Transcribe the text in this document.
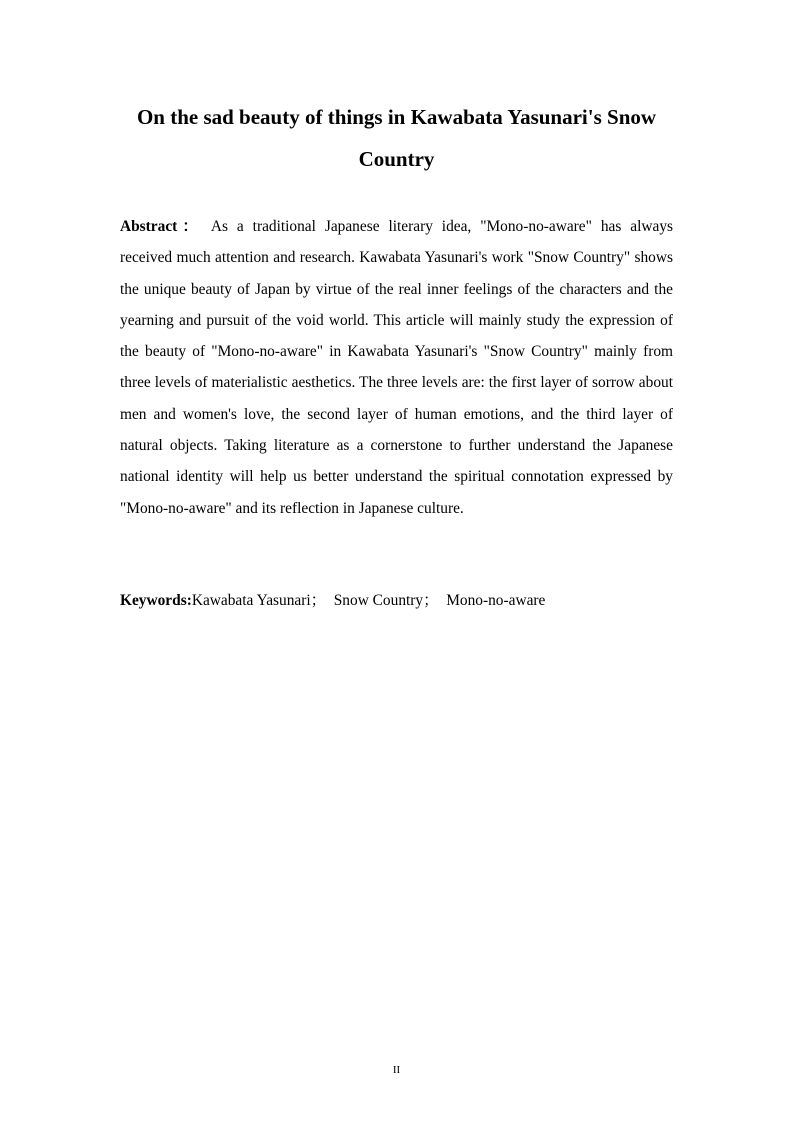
On the sad beauty of things in Kawabata Yasunari's Snow Country

Abstract： As a traditional Japanese literary idea, "Mono-no-aware" has always received much attention and research. Kawabata Yasunari's work "Snow Country" shows the unique beauty of Japan by virtue of the real inner feelings of the characters and the yearning and pursuit of the void world. This article will mainly study the expression of the beauty of "Mono-no-aware" in Kawabata Yasunari's "Snow Country" mainly from three levels of materialistic aesthetics. The three levels are: the first layer of sorrow about men and women's love, the second layer of human emotions, and the third layer of natural objects. Taking literature as a cornerstone to further understand the Japanese national identity will help us better understand the spiritual connotation expressed by "Mono-no-aware" and its reflection in Japanese culture.

Keywords:Kawabata Yasunari；  Snow Country；  Mono-no-aware

II
